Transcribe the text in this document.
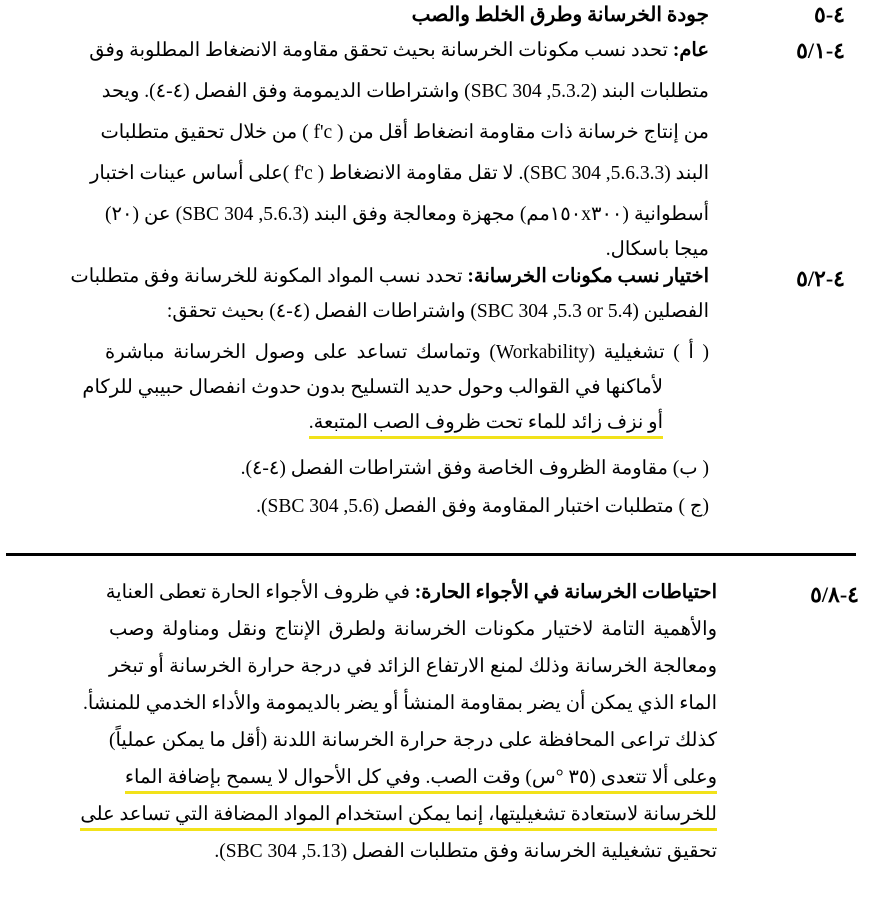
٤-٥
جودة الخرسانة وطرق الخلط والصب
٤-٥/١
عام: تحدد نسب مكونات الخرسانة بحيث تحقق مقاومة الانضغاط المطلوبة وفق
متطلبات البند (SBC 304 ,5.3.2) واشتراطات الديمومة وفق الفصل (٤-٤). ويحد
من إنتاج خرسانة ذات مقاومة انضغاط أقل من ( f'c ) من خلال تحقيق متطلبات
البند (SBC 304 ,5.6.3.3). لا تقل مقاومة الانضغاط ( f'c )على أساس عينات اختبار
أسطوانية (١٥٠x٣٠٠مم) مجهزة ومعالجة وفق البند (SBC 304 ,5.6.3) عن (٢٠)
ميجا باسكال.
٤-٥/٢
اختيار نسب مكونات الخرسانة: تحدد نسب المواد المكونة للخرسانة وفق متطلبات
الفصلين (SBC 304 ,5.3 or 5.4) واشتراطات الفصل (٤-٤) بحيث تحقق:
( أ ) تشغيلية (Workability) وتماسك تساعد على وصول الخرسانة مباشرة
لأماكنها في القوالب وحول حديد التسليح بدون حدوث انفصال حبيبي للركام
أو نزف زائد للماء تحت ظروف الصب المتبعة.
( ب) مقاومة الظروف الخاصة وفق اشتراطات الفصل (٤-٤).
(ج ) متطلبات اختبار المقاومة وفق الفصل (SBC 304 ,5.6).
٤-٥/٨
احتياطات الخرسانة في الأجواء الحارة: في ظروف الأجواء الحارة تعطى العناية
والأهمية التامة لاختيار مكونات الخرسانة ولطرق الإنتاج ونقل ومناولة وصب
ومعالجة الخرسانة وذلك لمنع الارتفاع الزائد في درجة حرارة الخرسانة أو تبخر
الماء الذي يمكن أن يضر بمقاومة المنشأ أو يضر بالديمومة والأداء الخدمي للمنشأ.
كذلك تراعى المحافظة على درجة حرارة الخرسانة اللدنة (أقل ما يمكن عملياً)
وعلى ألا تتعدى (٣٥ °س) وقت الصب. وفي كل الأحوال لا يسمح بإضافة الماء
للخرسانة لاستعادة تشغيليتها، إنما يمكن استخدام المواد المضافة التي تساعد على
تحقيق تشغيلية الخرسانة وفق متطلبات الفصل (SBC 304 ,5.13).
